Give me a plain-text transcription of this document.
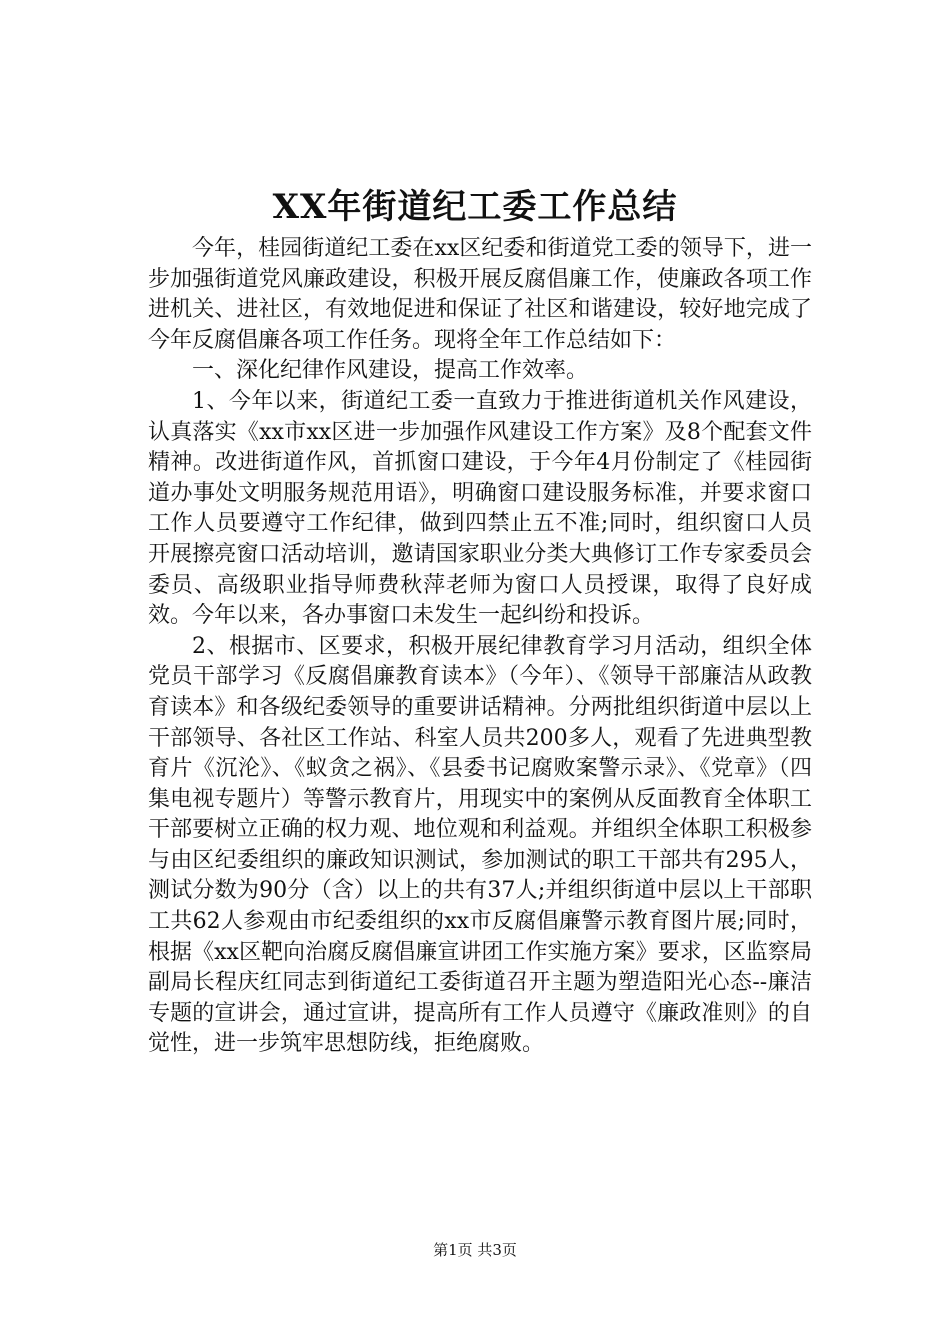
XX年街道纪工委工作总结

今年，桂园街道纪工委在xx区纪委和街道党工委的领导下，进一步加强街道党风廉政建设，积极开展反腐倡廉工作，使廉政各项工作进机关、进社区，有效地促进和保证了社区和谐建设，较好地完成了今年反腐倡廉各项工作任务。现将全年工作总结如下：

一、深化纪律作风建设，提高工作效率。

1、今年以来，街道纪工委一直致力于推进街道机关作风建设，认真落实《xx市xx区进一步加强作风建设工作方案》及8个配套文件精神。改进街道作风，首抓窗口建设，于今年4月份制定了《桂园街道办事处文明服务规范用语》，明确窗口建设服务标准，并要求窗口工作人员要遵守工作纪律，做到四禁止五不准;同时，组织窗口人员开展擦亮窗口活动培训，邀请国家职业分类大典修订工作专家委员会委员、高级职业指导师费秋萍老师为窗口人员授课，取得了良好成效。今年以来，各办事窗口未发生一起纠纷和投诉。

2、根据市、区要求，积极开展纪律教育学习月活动，组织全体党员干部学习《反腐倡廉教育读本》（今年）、《领导干部廉洁从政教育读本》和各级纪委领导的重要讲话精神。分两批组织街道中层以上干部领导、各社区工作站、科室人员共200多人，观看了先进典型教育片《沉沦》、《蚁贪之祸》、《县委书记腐败案警示录》、《党章》（四集电视专题片）等警示教育片，用现实中的案例从反面教育全体职工干部要树立正确的权力观、地位观和利益观。并组织全体职工积极参与由区纪委组织的廉政知识测试，参加测试的职工干部共有295人，测试分数为90分（含）以上的共有37人;并组织街道中层以上干部职工共62人参观由市纪委组织的xx市反腐倡廉警示教育图片展;同时，根据《xx区靶向治腐反腐倡廉宣讲团工作实施方案》要求，区监察局副局长程庆红同志到街道纪工委街道召开主题为塑造阳光心态--廉洁专题的宣讲会，通过宣讲，提高所有工作人员遵守《廉政准则》的自觉性，进一步筑牢思想防线，拒绝腐败。

第1页 共3页
